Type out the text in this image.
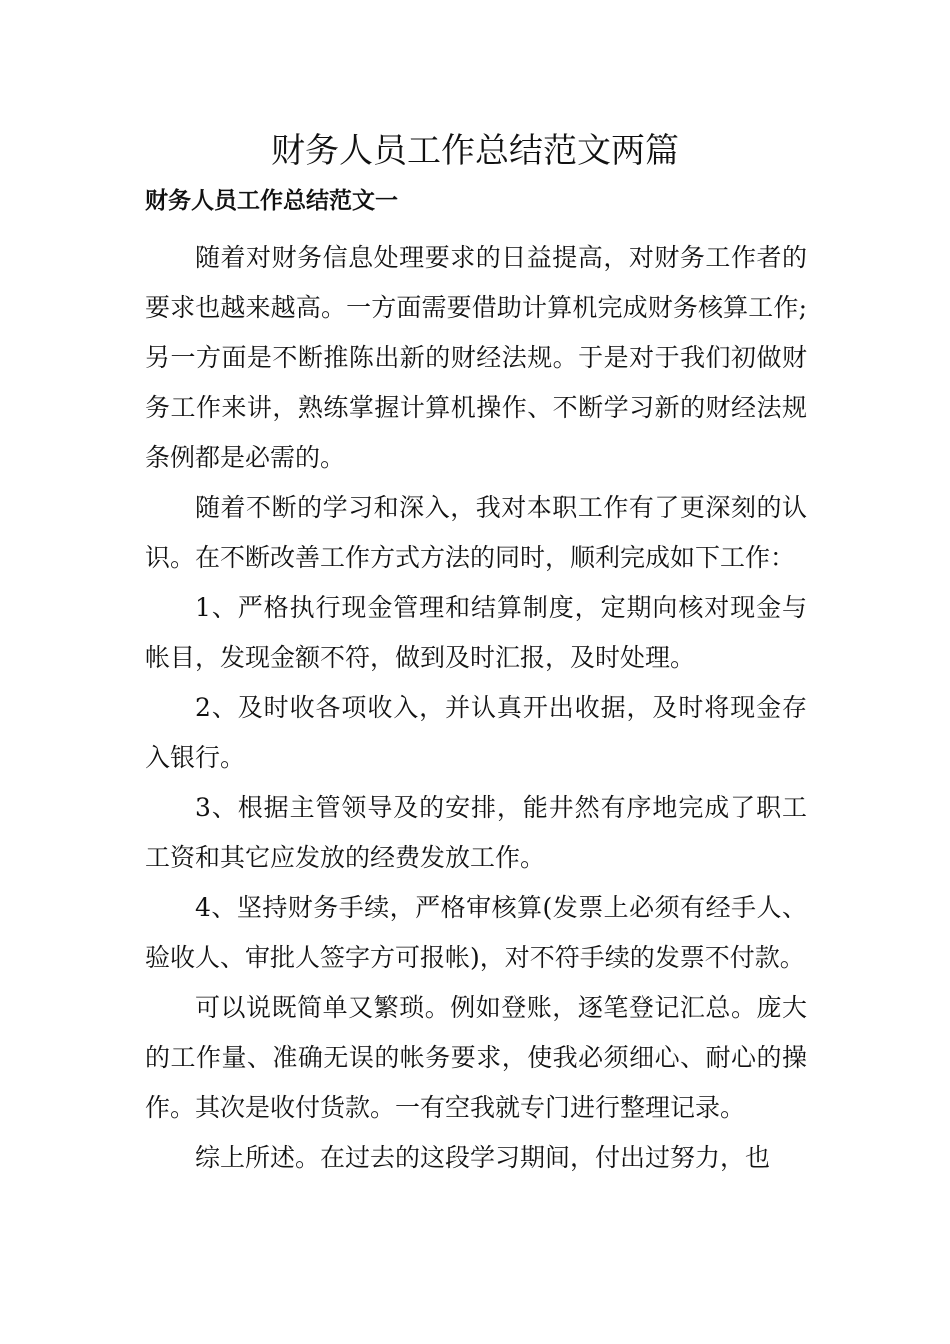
财务人员工作总结范文两篇
财务人员工作总结范文一

随着对财务信息处理要求的日益提高，对财务工作者的要求也越来越高。一方面需要借助计算机完成财务核算工作;另一方面是不断推陈出新的财经法规。于是对于我们初做财务工作来讲，熟练掌握计算机操作、不断学习新的财经法规条例都是必需的。

随着不断的学习和深入，我对本职工作有了更深刻的认识。在不断改善工作方式方法的同时，顺利完成如下工作：

1、严格执行现金管理和结算制度，定期向核对现金与帐目，发现金额不符，做到及时汇报，及时处理。

2、及时收各项收入，并认真开出收据，及时将现金存入银行。

3、根据主管领导及的安排，能井然有序地完成了职工工资和其它应发放的经费发放工作。

4、坚持财务手续，严格审核算(发票上必须有经手人、验收人、审批人签字方可报帐)，对不符手续的发票不付款。

可以说既简单又繁琐。例如登账，逐笔登记汇总。庞大的工作量、准确无误的帐务要求，使我必须细心、耐心的操作。其次是收付货款。一有空我就专门进行整理记录。

综上所述。在过去的这段学习期间，付出过努力，也
